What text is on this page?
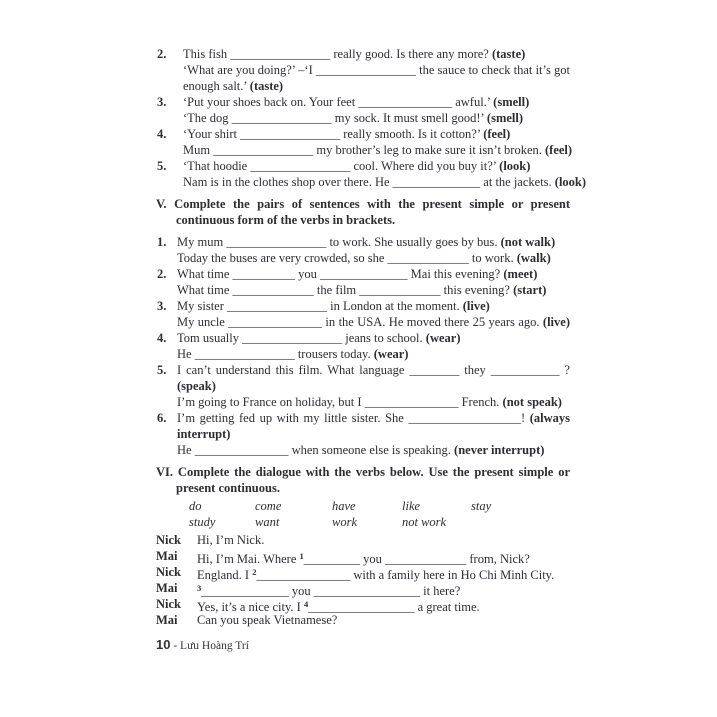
2. This fish ________________ really good. Is there any more? (taste)
‘What are you doing?’ –‘I ________________ the sauce to check that it’s got
enough salt.’ (taste)
3. ‘Put your shoes back on. Your feet _______________ awful.’ (smell)
‘The dog ________________ my sock. It must smell good!’ (smell)
4. ‘Your shirt ________________ really smooth. Is it cotton?’ (feel)
Mum ________________ my brother’s leg to make sure it isn’t broken. (feel)
5. ‘That hoodie ________________ cool. Where did you buy it?’ (look)
Nam is in the clothes shop over there. He ______________ at the jackets. (look)
V. Complete the pairs of sentences with the present simple or present
continuous form of the verbs in brackets.
1. My mum ________________ to work. She usually goes by bus. (not walk)
Today the buses are very crowded, so she _____________ to work. (walk)
2. What time __________ you ______________ Mai this evening? (meet)
What time _____________ the film _____________ this evening? (start)
3. My sister ________________ in London at the moment. (live)
My uncle _______________ in the USA. He moved there 25 years ago. (live)
4. Tom usually ________________ jeans to school. (wear)
He ________________ trousers today. (wear)
5. I can’t understand this film. What language ________ they ___________ ?
(speak)
I’m going to France on holiday, but I _______________ French. (not speak)
6. I’m getting fed up with my little sister. She __________________! (always
interrupt)
He _______________ when someone else is speaking. (never interrupt)
VI. Complete the dialogue with the verbs below. Use the present simple or
present continuous.
do	come	have	like	stay
study	want	work	not work
Nick Hi, I’m Nick.
Mai Hi, I’m Mai. Where $^1$_________ you _____________ from, Nick?
Nick England. I $^2$_______________ with a family here in Ho Chi Minh City.
Mai $^3$______________ you _________________ it here?
Nick Yes, it’s a nice city. I $^4$_________________ a great time.
Mai Can you speak Vietnamese?
10 - Lưu Hoàng Trí
